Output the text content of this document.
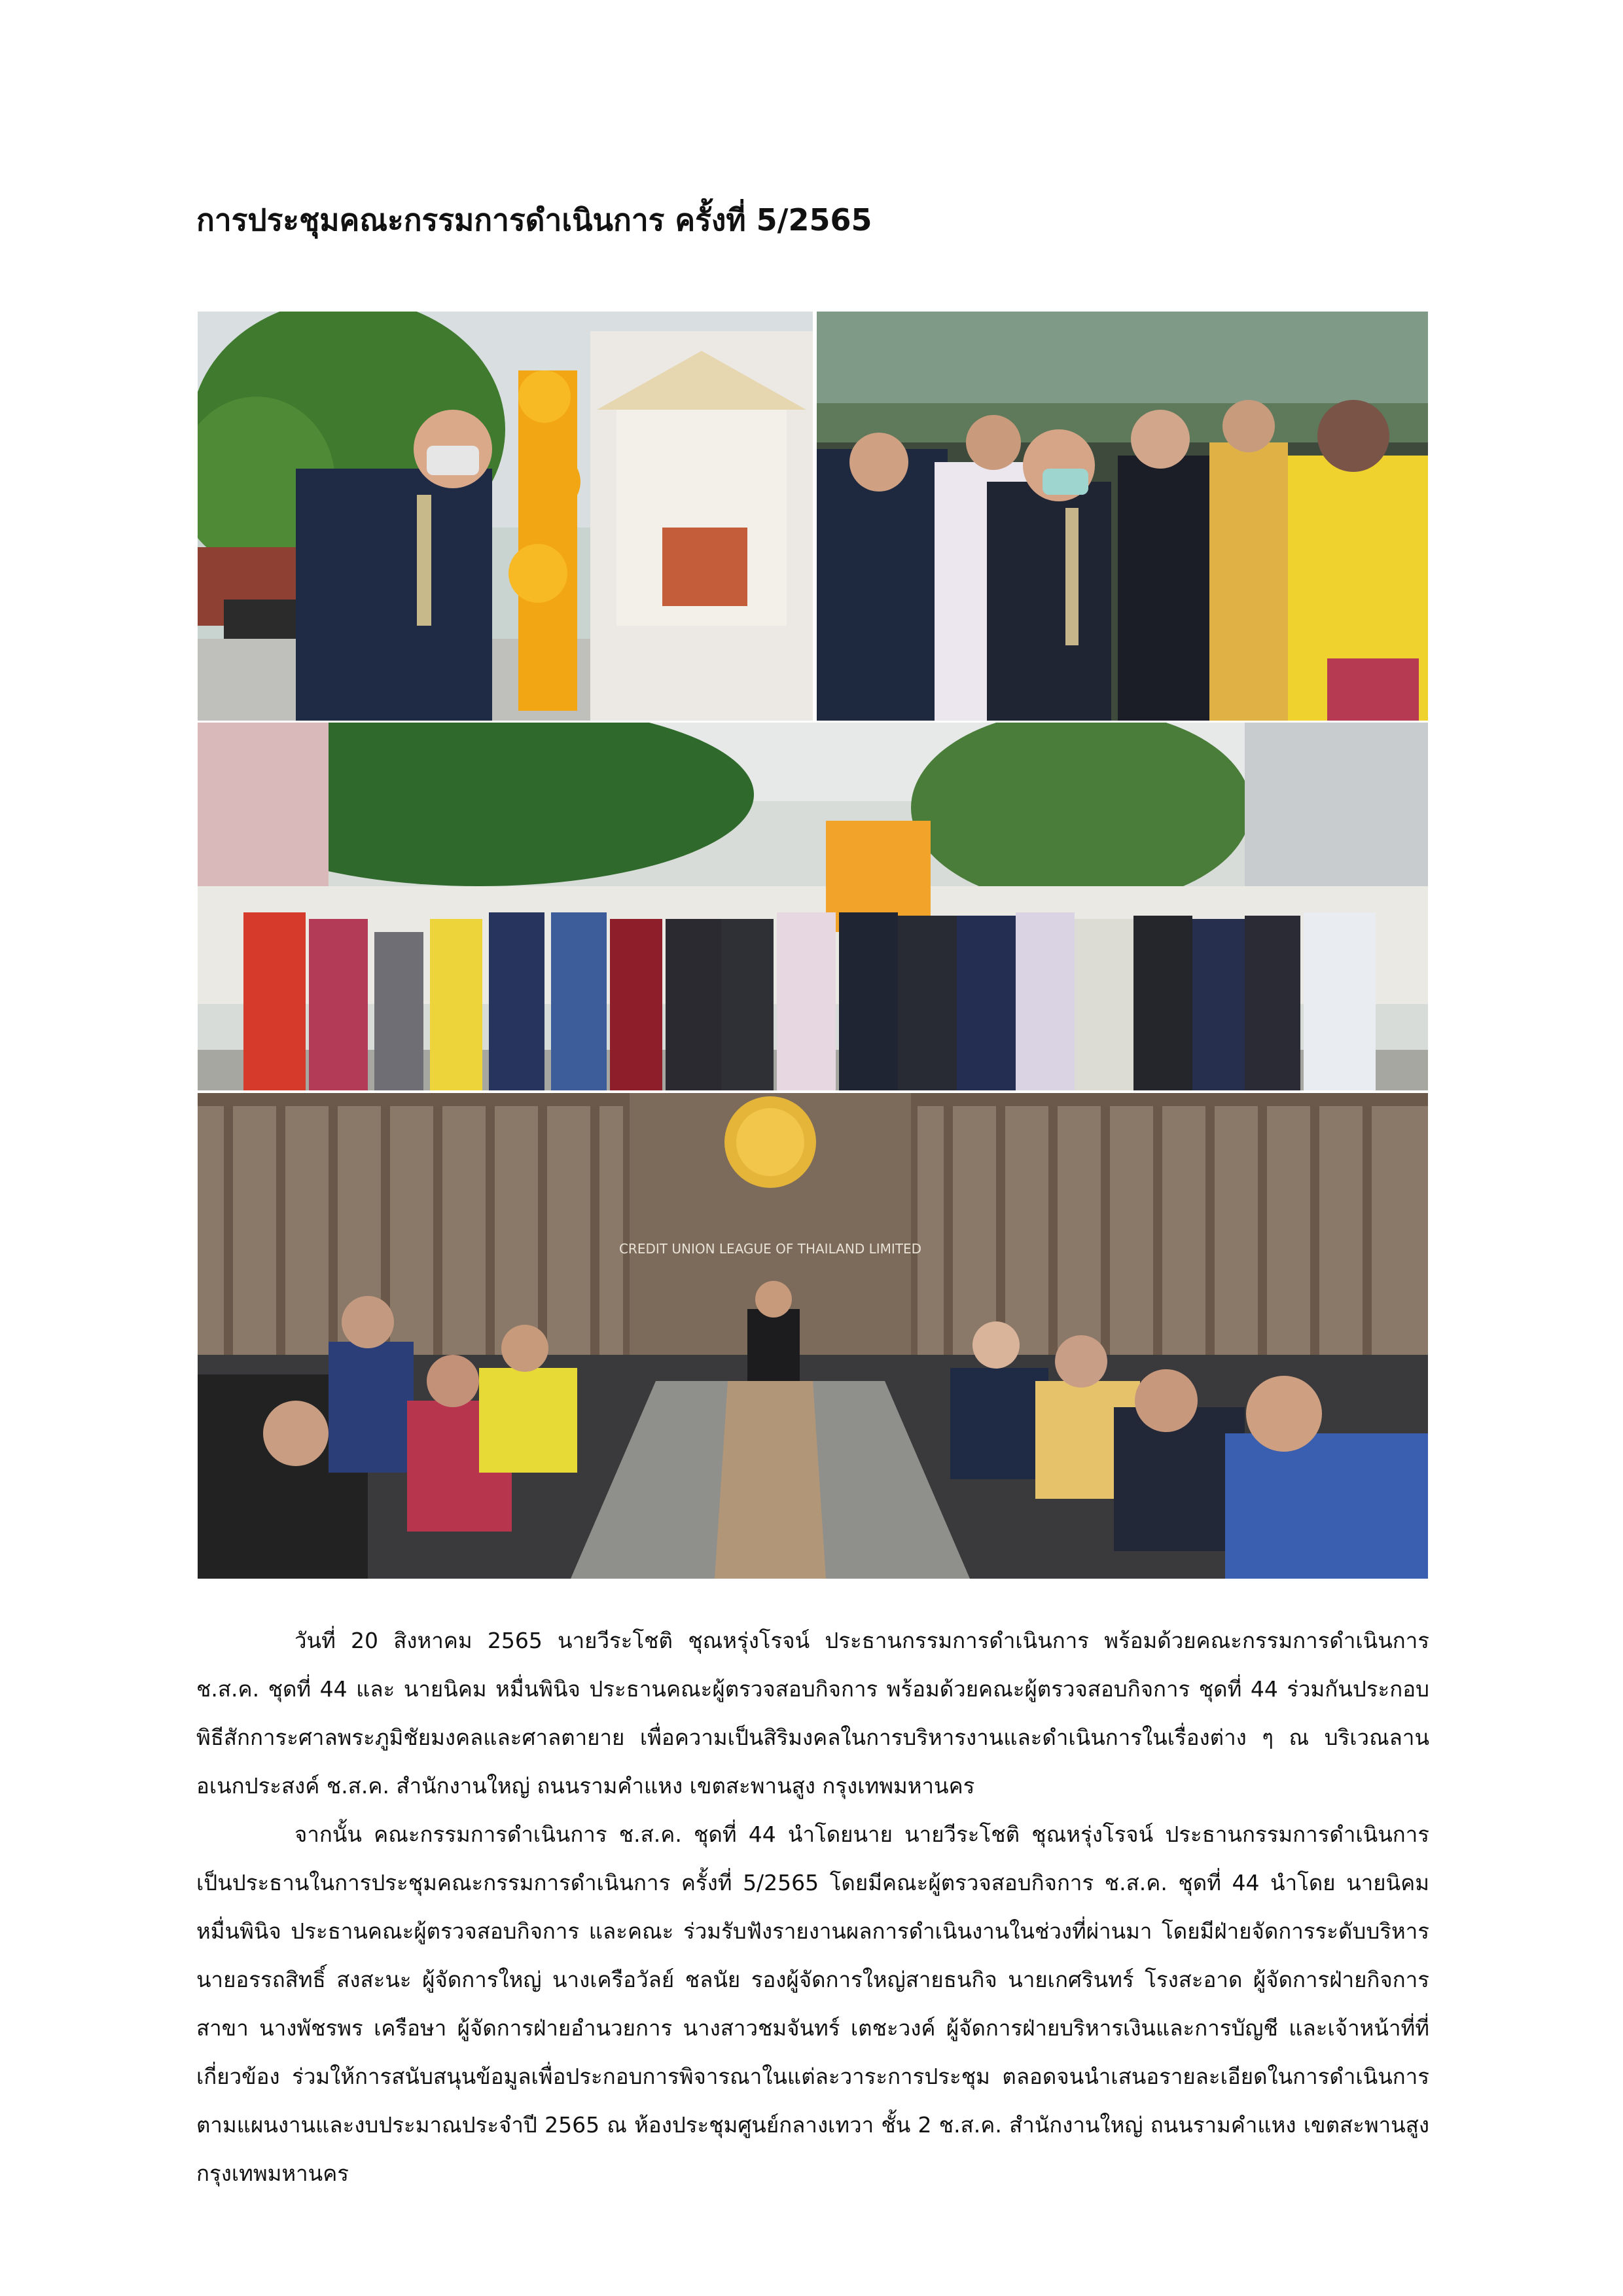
การประชุมคณะกรรมการดำเนินการ ครั้งที่ 5/2565
CREDIT UNION LEAGUE OF THAILAND LIMITED

วันที่ 20 สิงหาคม 2565 นายวีระโชติ ชุณหรุ่งโรจน์ ประธานกรรมการดำเนินการ พร้อมด้วยคณะกรรมการดำเนินการ ช.ส.ค. ชุดที่ 44 และ นายนิคม หมื่นพินิจ ประธานคณะผู้ตรวจสอบกิจการ พร้อมด้วยคณะผู้ตรวจสอบกิจการ ชุดที่ 44 ร่วมกันประกอบพิธีสักการะศาลพระภูมิชัยมงคลและศาลตายาย เพื่อความเป็นสิริมงคลในการบริหารงานและดำเนินการในเรื่องต่าง ๆ ณ บริเวณลานอเนกประสงค์ ช.ส.ค. สำนักงานใหญ่ ถนนรามคำแหง เขตสะพานสูง กรุงเทพมหานคร

จากนั้น คณะกรรมการดำเนินการ ช.ส.ค. ชุดที่ 44 นำโดยนาย นายวีระโชติ ชุณหรุ่งโรจน์ ประธานกรรมการดำเนินการ เป็นประธานในการประชุมคณะกรรมการดำเนินการ ครั้งที่ 5/2565 โดยมีคณะผู้ตรวจสอบกิจการ ช.ส.ค. ชุดที่ 44 นำโดย นายนิคม หมื่นพินิจ ประธานคณะผู้ตรวจสอบกิจการ และคณะ ร่วมรับฟังรายงานผลการดำเนินงานในช่วงที่ผ่านมา โดยมีฝ่ายจัดการระดับบริหาร นายอรรถสิทธิ์ สงสะนะ ผู้จัดการใหญ่ นางเครือวัลย์ ชลนัย รองผู้จัดการใหญ่สายธนกิจ นายเกศรินทร์ โรงสะอาด ผู้จัดการฝ่ายกิจการสาขา นางพัชรพร เครือษา ผู้จัดการฝ่ายอำนวยการ นางสาวชมจันทร์ เตชะวงค์ ผู้จัดการฝ่ายบริหารเงินและการบัญชี และเจ้าหน้าที่ที่เกี่ยวข้อง ร่วมให้การสนับสนุนข้อมูลเพื่อประกอบการพิจารณาในแต่ละวาระการประชุม ตลอดจนนำเสนอรายละเอียดในการดำเนินการตามแผนงานและงบประมาณประจำปี 2565 ณ ห้องประชุมศูนย์กลางเทวา ชั้น 2 ช.ส.ค. สำนักงานใหญ่ ถนนรามคำแหง เขตสะพานสูง กรุงเทพมหานคร
